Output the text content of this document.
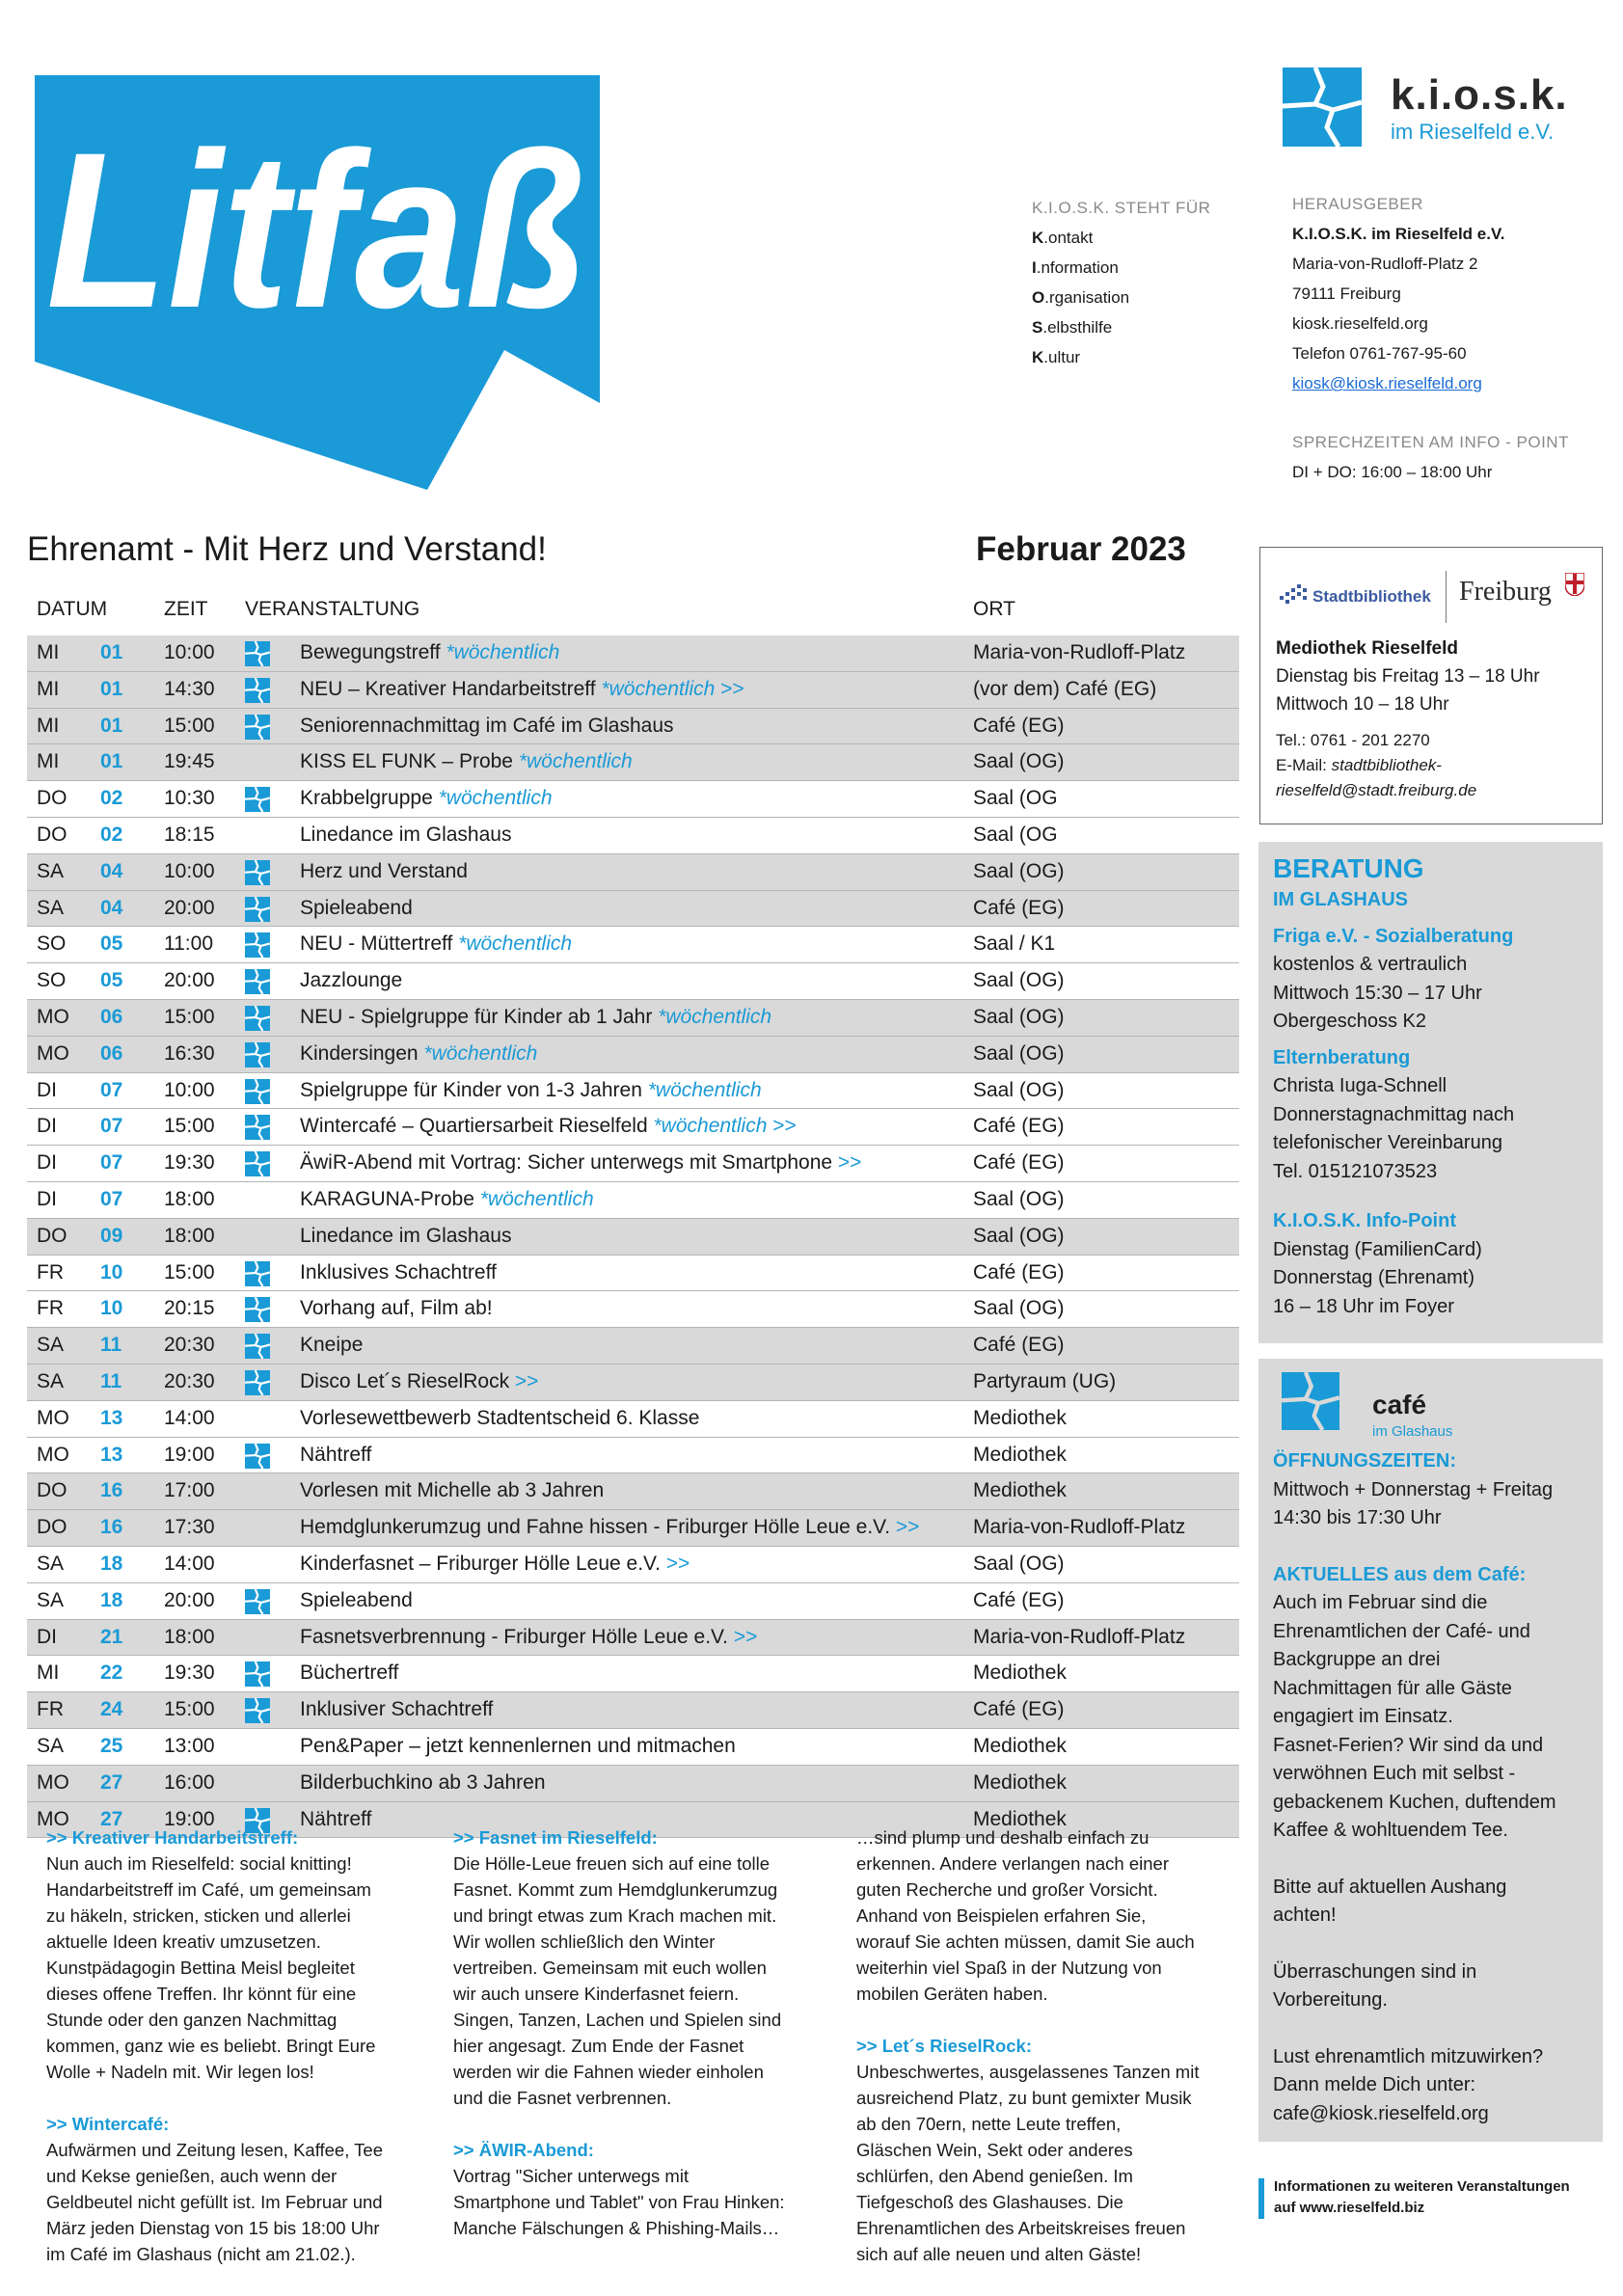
Litfaß
k.i.o.s.k.
im Rieselfeld e.V.
K.I.O.S.K. STEHT FÜR
K.ontakt
I.nformation
O.rganisation
S.elbsthilfe
K.ultur
HERAUSGEBER
K.I.O.S.K. im Rieselfeld e.V.
Maria-von-Rudloff-Platz 2
79111 Freiburg
kiosk.rieselfeld.org
Telefon 0761-767-95-60
kiosk@kiosk.rieselfeld.org
SPRECHZEITEN AM INFO - POINT
DI + DO: 16:00 – 18:00 Uhr
Ehrenamt - Mit Herz und Verstand!	Februar 2023
DATUM	ZEIT VERANSTALTUNG	ORT
MI 01 10:00	Bewegungstreff *wöchentlich	Maria-von-Rudloff-Platz
MI 01 14:30	NEU – Kreativer Handarbeitstreff *wöchentlich >>	(vor dem) Café (EG)
MI 01 15:00	Seniorennachmittag im Café im Glashaus	Café (EG)
MI 01 19:45	KISS EL FUNK – Probe *wöchentlich	Saal (OG)
DO 02 10:30	Krabbelgruppe *wöchentlich	Saal (OG
DO 02 18:15	Linedance im Glashaus	Saal (OG
SA 04 10:00	Herz und Verstand	Saal (OG)
SA 04 20:00	Spieleabend	Café (EG)
SO 05 11:00	NEU - Müttertreff *wöchentlich	Saal / K1
SO 05 20:00	Jazzlounge	Saal (OG)
MO 06 15:00	NEU - Spielgruppe für Kinder ab 1 Jahr *wöchentlich	Saal (OG)
MO 06 16:30	Kindersingen *wöchentlich	Saal (OG)
DI 07 10:00	Spielgruppe für Kinder von 1-3 Jahren *wöchentlich	Saal (OG)
DI 07 15:00	Wintercafé – Quartiersarbeit Rieselfeld *wöchentlich >>	Café (EG)
DI 07 19:30	ÄwiR-Abend mit Vortrag: Sicher unterwegs mit Smartphone >>	Café (EG)
DI 07 18:00	KARAGUNA-Probe *wöchentlich	Saal (OG)
DO 09 18:00	Linedance im Glashaus	Saal (OG)
FR 10 15:00	Inklusives Schachtreff	Café (EG)
FR 10 20:15	Vorhang auf, Film ab!	Saal (OG)
SA 11 20:30	Kneipe	Café (EG)
SA 11 20:30	Disco Let´s RieselRock >>	Partyraum (UG)
MO 13 14:00	Vorlesewettbewerb Stadtentscheid 6. Klasse	Mediothek
MO 13 19:00	Nähtreff	Mediothek
DO 16 17:00	Vorlesen mit Michelle ab 3 Jahren	Mediothek
DO 16 17:30	Hemdglunkerumzug und Fahne hissen - Friburger Hölle Leue e.V. >>	Maria-von-Rudloff-Platz
SA 18 14:00	Kinderfasnet – Friburger Hölle Leue e.V. >>	Saal (OG)
SA 18 20:00	Spieleabend	Café (EG)
DI 21 18:00	Fasnetsverbrennung - Friburger Hölle Leue e.V. >>	Maria-von-Rudloff-Platz
MI 22 19:30	Büchertreff	Mediothek
FR 24 15:00	Inklusiver Schachtreff	Café (EG)
SA 25 13:00	Pen&Paper – jetzt kennenlernen und mitmachen	Mediothek
MO 27 16:00	Bilderbuchkino ab 3 Jahren	Mediothek
MO 27 19:00	Nähtreff	Mediothek
Stadtbibliothek Freiburg
Mediothek Rieselfeld
Dienstag bis Freitag 13 – 18 Uhr
Mittwoch 10 – 18 Uhr
Tel.: 0761 - 201 2270
E-Mail: stadtbibliothek-
rieselfeld@stadt.freiburg.de
BERATUNG
IM GLASHAUS
Friga e.V. - Sozialberatung
kostenlos & vertraulich
Mittwoch 15:30 – 17 Uhr
Obergeschoss K2
Elternberatung
Christa Iuga-Schnell
Donnerstagnachmittag nach
telefonischer Vereinbarung
Tel. 015121073523
K.I.O.S.K. Info-Point
Dienstag (FamilienCard)
Donnerstag (Ehrenamt)
16 – 18 Uhr im Foyer
café
im Glashaus
ÖFFNUNGSZEITEN:
Mittwoch + Donnerstag + Freitag
14:30 bis 17:30 Uhr
AKTUELLES aus dem Café:
Auch im Februar sind die
Ehrenamtlichen der Café- und
Backgruppe an drei
Nachmittagen für alle Gäste
engagiert im Einsatz.
Fasnet-Ferien? Wir sind da und
verwöhnen Euch mit selbst -
gebackenem Kuchen, duftendem
Kaffee & wohltuendem Tee.
Bitte auf aktuellen Aushang
achten!
Überraschungen sind in
Vorbereitung.
Lust ehrenamtlich mitzuwirken?
Dann melde Dich unter:
cafe@kiosk.rieselfeld.org
Informationen zu weiteren Veranstaltungen
auf www.rieselfeld.biz
>> Kreativer Handarbeitstreff:
Nun auch im Rieselfeld: social knitting!
Handarbeitstreff im Café, um gemeinsam
zu häkeln, stricken, sticken und allerlei
aktuelle Ideen kreativ umzusetzen.
Kunstpädagogin Bettina Meisl begleitet
dieses offene Treffen. Ihr könnt für eine
Stunde oder den ganzen Nachmittag
kommen, ganz wie es beliebt. Bringt Eure
Wolle + Nadeln mit. Wir legen los!
>> Wintercafé:
Aufwärmen und Zeitung lesen, Kaffee, Tee
und Kekse genießen, auch wenn der
Geldbeutel nicht gefüllt ist. Im Februar und
März jeden Dienstag von 15 bis 18:00 Uhr
im Café im Glashaus (nicht am 21.02.).
>> Fasnet im Rieselfeld:
Die Hölle-Leue freuen sich auf eine tolle
Fasnet. Kommt zum Hemdglunkerumzug
und bringt etwas zum Krach machen mit.
Wir wollen schließlich den Winter
vertreiben. Gemeinsam mit euch wollen
wir auch unsere Kinderfasnet feiern.
Singen, Tanzen, Lachen und Spielen sind
hier angesagt. Zum Ende der Fasnet
werden wir die Fahnen wieder einholen
und die Fasnet verbrennen.
>> ÄWIR-Abend:
Vortrag "Sicher unterwegs mit
Smartphone und Tablet" von Frau Hinken:
Manche Fälschungen & Phishing-Mails…
…sind plump und deshalb einfach zu
erkennen. Andere verlangen nach einer
guten Recherche und großer Vorsicht.
Anhand von Beispielen erfahren Sie,
worauf Sie achten müssen, damit Sie auch
weiterhin viel Spaß in der Nutzung von
mobilen Geräten haben.
>> Let´s RieselRock:
Unbeschwertes, ausgelassenes Tanzen mit
ausreichend Platz, zu bunt gemixter Musik
ab den 70ern, nette Leute treffen,
Gläschen Wein, Sekt oder anderes
schlürfen, den Abend genießen. Im
Tiefgeschoß des Glashauses. Die
Ehrenamtlichen des Arbeitskreises freuen
sich auf alle neuen und alten Gäste!
